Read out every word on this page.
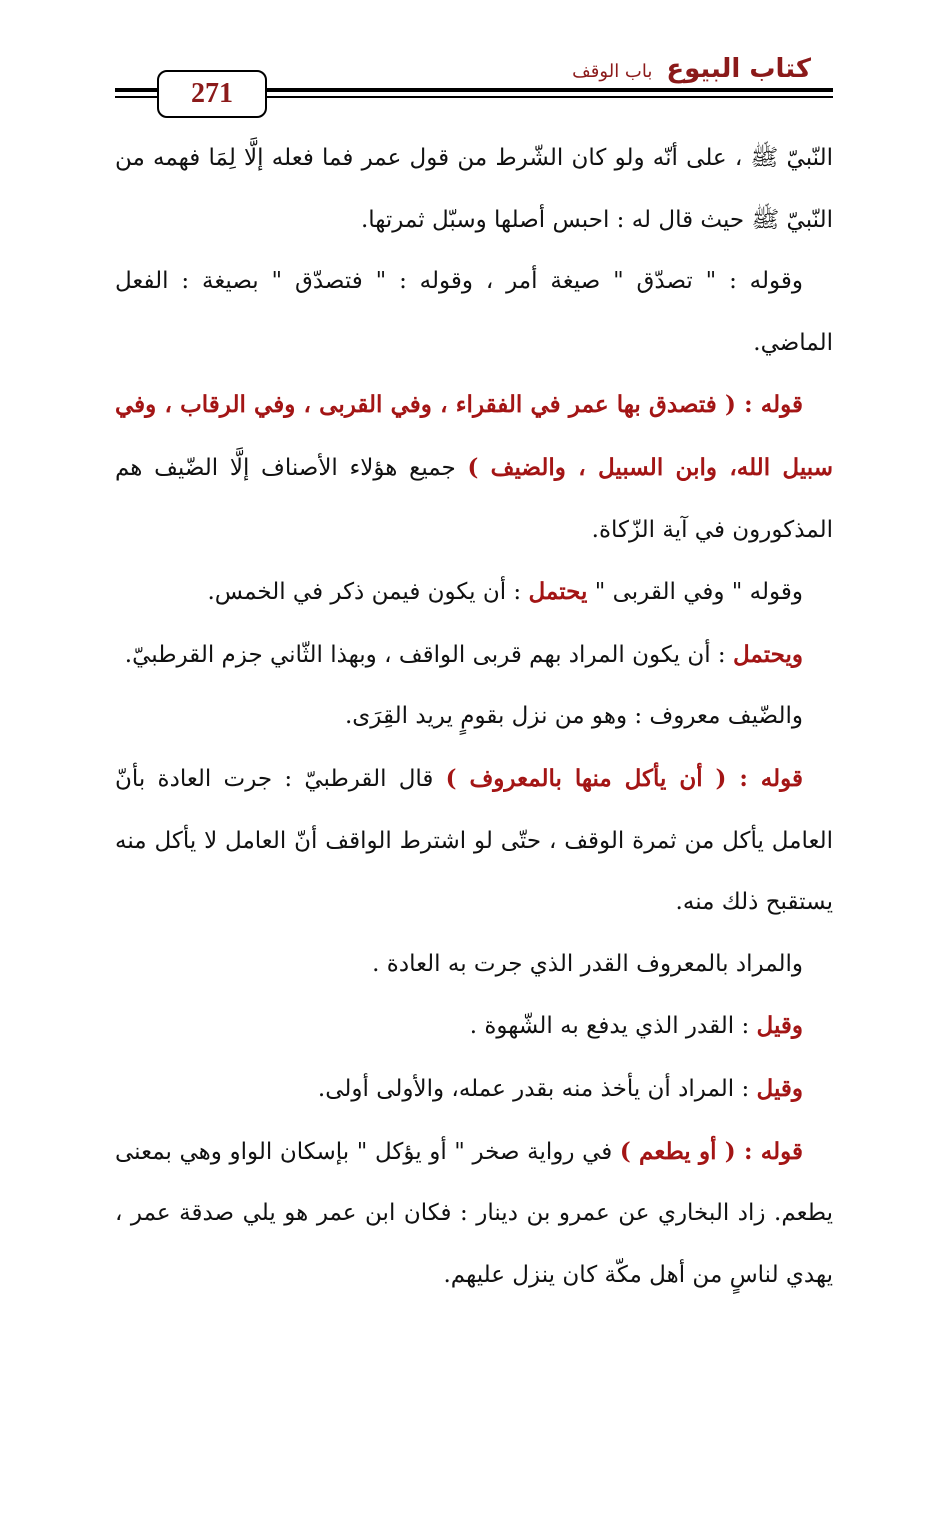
كتاب البيوع
باب الوقف
271

النّبيّ ﷺ ، على أنّه ولو كان الشّرط من قول عمر فما فعله إلَّا لِمَا فهمه من النّبيّ ﷺ حيث قال له : احبس أصلها وسبّل ثمرتها.

وقوله : " تصدّق " صيغة أمر ، وقوله : " فتصدّق " بصيغة : الفعل الماضي.

قوله : ( فتصدق بها عمر في الفقراء ، وفي القربى ، وفي الرقاب ، وفي سبيل الله، وابن السبيل ، والضيف ) جميع هؤلاء الأصناف إلَّا الضّيف هم المذكورون في آية الزّكاة.

وقوله " وفي القربى " يحتمل : أن يكون فيمن ذكر في الخمس.

ويحتمل : أن يكون المراد بهم قربى الواقف ، وبهذا الثّاني جزم القرطبيّ.

والضّيف معروف : وهو من نزل بقومٍ يريد القِرَى.

قوله : ( أن يأكل منها بالمعروف ) قال القرطبيّ : جرت العادة بأنّ العامل يأكل من ثمرة الوقف ، حتّى لو اشترط الواقف أنّ العامل لا يأكل منه يستقبح ذلك منه.

والمراد بالمعروف القدر الذي جرت به العادة .

وقيل : القدر الذي يدفع به الشّهوة .

وقيل : المراد أن يأخذ منه بقدر عمله، والأولى أولى.

قوله : ( أو يطعم ) في رواية صخر " أو يؤكل " بإسكان الواو وهي بمعنى يطعم. زاد البخاري عن عمرو بن دينار : فكان ابن عمر هو يلي صدقة عمر ، يهدي لناسٍ من أهل مكّة كان ينزل عليهم.
